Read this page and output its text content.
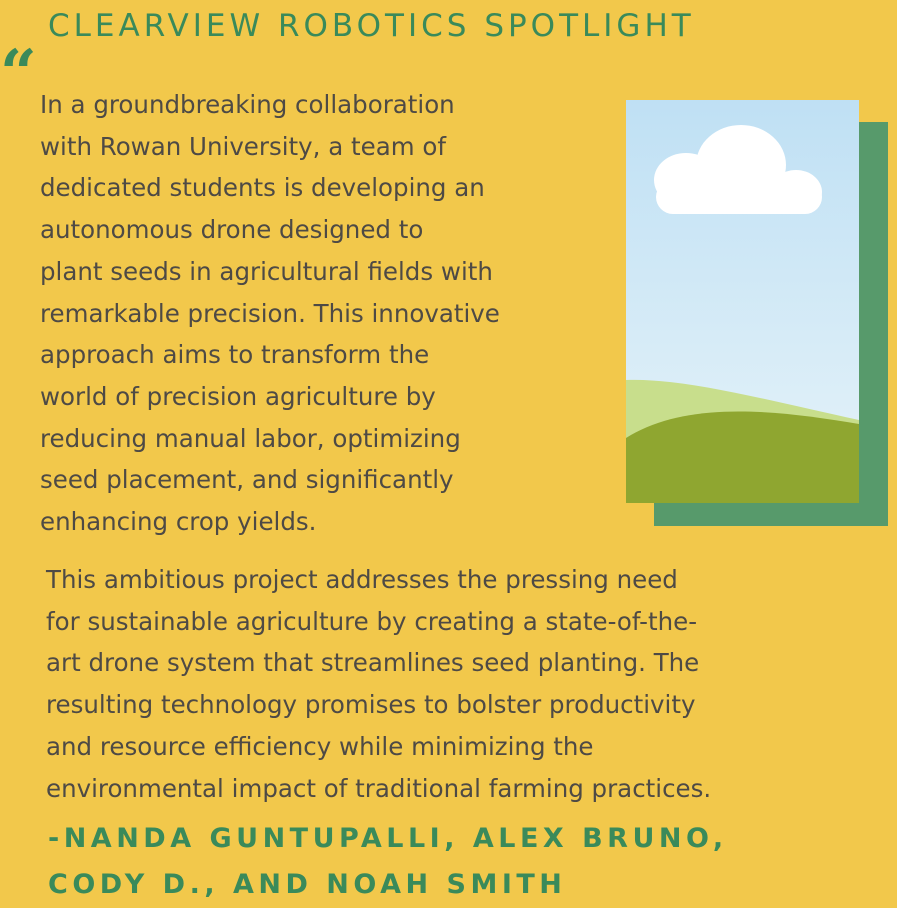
CLEARVIEW ROBOTICS SPOTLIGHT
“ In a groundbreaking collaboration
with Rowan University, a team of
dedicated students is developing an
autonomous drone designed to
plant seeds in agricultural fields with
remarkable precision. This innovative
approach aims to transform the
world of precision agriculture by
reducing manual labor, optimizing
seed placement, and significantly
enhancing crop yields.
This ambitious project addresses the pressing need
for sustainable agriculture by creating a state-of-the-
art drone system that streamlines seed planting. The
resulting technology promises to bolster productivity
and resource efficiency while minimizing the
environmental impact of traditional farming practices.
-NANDA GUNTUPALLI, ALEX BRUNO,
CODY D., AND NOAH SMITH
